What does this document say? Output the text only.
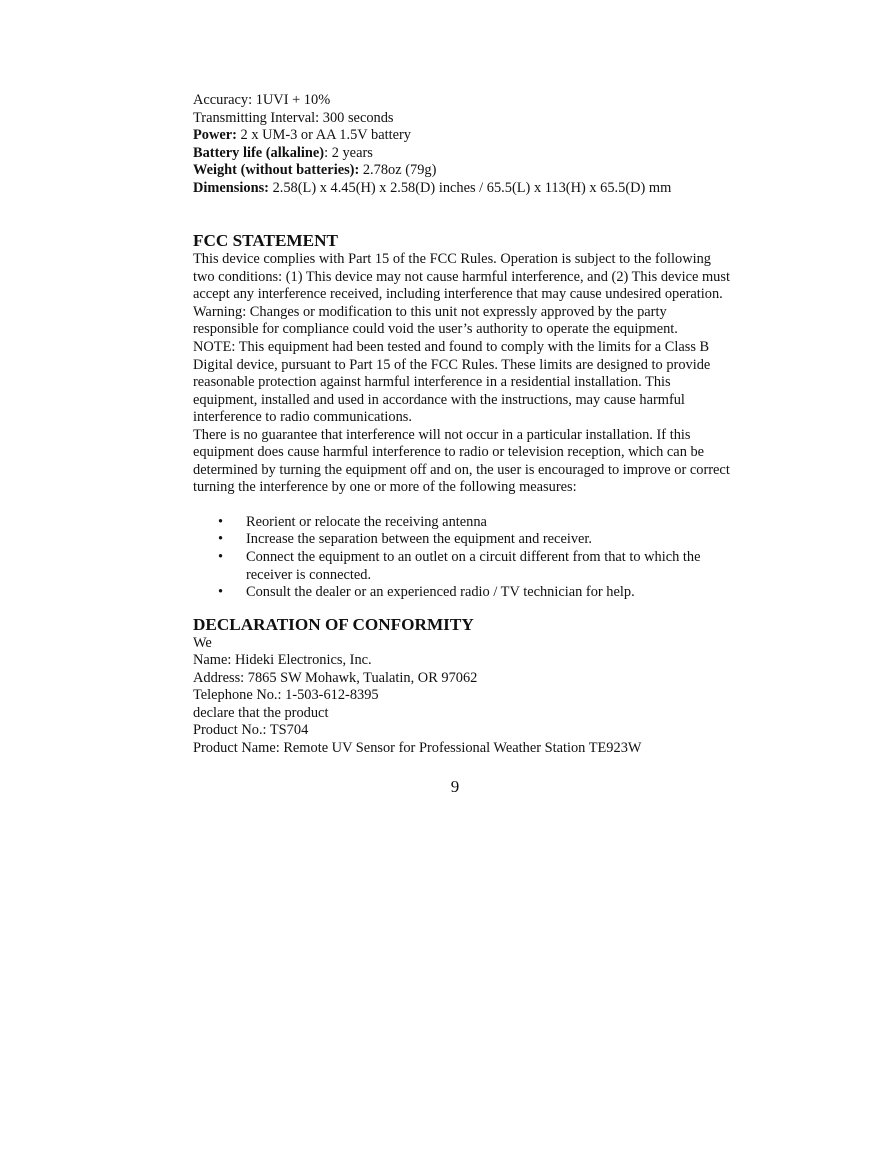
Accuracy: 1UVI + 10%
Transmitting Interval: 300 seconds
Power: 2 x UM-3 or AA 1.5V battery
Battery life (alkaline): 2 years
Weight (without batteries): 2.78oz (79g)
Dimensions: 2.58(L) x 4.45(H) x 2.58(D) inches / 65.5(L) x 113(H) x 65.5(D) mm
FCC STATEMENT
This device complies with Part 15 of the FCC Rules. Operation is subject to the following two conditions: (1) This device may not cause harmful interference, and (2) This device must accept any interference received, including interference that may cause undesired operation.
Warning: Changes or modification to this unit not expressly approved by the party responsible for compliance could void the user’s authority to operate the equipment.
NOTE: This equipment had been tested and found to comply with the limits for a Class B Digital device, pursuant to Part 15 of the FCC Rules. These limits are designed to provide reasonable protection against harmful interference in a residential installation. This equipment, installed and used in accordance with the instructions, may cause harmful interference to radio communications.
There is no guarantee that interference will not occur in a particular installation. If this equipment does cause harmful interference to radio or television reception, which can be determined by turning the equipment off and on, the user is encouraged to improve or correct turning the interference by one or more of the following measures:
• Reorient or relocate the receiving antenna
• Increase the separation between the equipment and receiver.
• Connect the equipment to an outlet on a circuit different from that to which the receiver is connected.
• Consult the dealer or an experienced radio / TV technician for help.
DECLARATION OF CONFORMITY
We
Name: Hideki Electronics, Inc.
Address: 7865 SW Mohawk, Tualatin, OR 97062
Telephone No.: 1-503-612-8395
declare that the product
Product No.: TS704
Product Name: Remote UV Sensor for Professional Weather Station TE923W
9
